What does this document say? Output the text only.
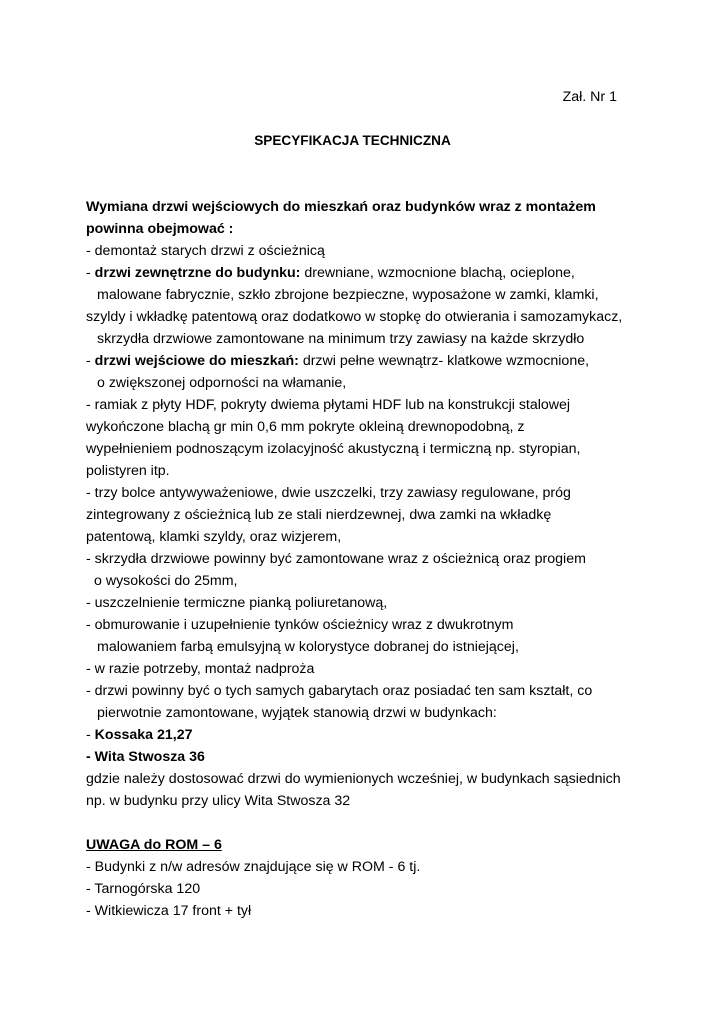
Zał. Nr 1
SPECYFIKACJA TECHNICZNA
Wymiana drzwi wejściowych do mieszkań oraz budynków wraz z montażem
powinna obejmować :
- demontaż starych drzwi z ościeżnicą
- drzwi zewnętrzne do budynku: drewniane, wzmocnione blachą, ocieplone,
malowane fabrycznie, szkło zbrojone bezpieczne, wyposażone w zamki, klamki,
szyldy i wkładkę patentową oraz dodatkowo w stopkę do otwierania i samozamykacz,
skrzydła drzwiowe zamontowane na minimum trzy zawiasy na każde skrzydło
- drzwi wejściowe do mieszkań: drzwi pełne wewnątrz- klatkowe wzmocnione,
o zwiększonej odporności na włamanie,
- ramiak z płyty HDF, pokryty dwiema płytami HDF lub na konstrukcji stalowej
wykończone blachą gr min 0,6 mm pokryte okleiną drewnopodobną, z
wypełnieniem podnoszącym izolacyjność akustyczną i termiczną np. styropian,
polistyren itp.
- trzy bolce antywyważeniowe, dwie uszczelki, trzy zawiasy regulowane, próg
zintegrowany z ościeżnicą lub ze stali nierdzewnej, dwa zamki na wkładkę
patentową, klamki szyldy, oraz wizjerem,
- skrzydła drzwiowe powinny być zamontowane wraz z ościeżnicą oraz progiem
o wysokości do 25mm,
- uszczelnienie termiczne pianką poliuretanową,
- obmurowanie i uzupełnienie tynków ościeżnicy wraz z dwukrotnym
malowaniem farbą emulsyjną w kolorystyce dobranej do istniejącej,
- w razie potrzeby, montaż nadproża
- drzwi powinny być o tych samych gabarytach oraz posiadać ten sam kształt, co
pierwotnie zamontowane, wyjątek stanowią drzwi w budynkach:
- Kossaka 21,27
- Wita Stwosza 36
gdzie należy dostosować drzwi do wymienionych wcześniej, w budynkach sąsiednich
np. w budynku przy ulicy Wita Stwosza 32
UWAGA do ROM – 6
- Budynki z n/w adresów znajdujące się w ROM - 6 tj.
- Tarnogórska 120
- Witkiewicza 17 front + tył
